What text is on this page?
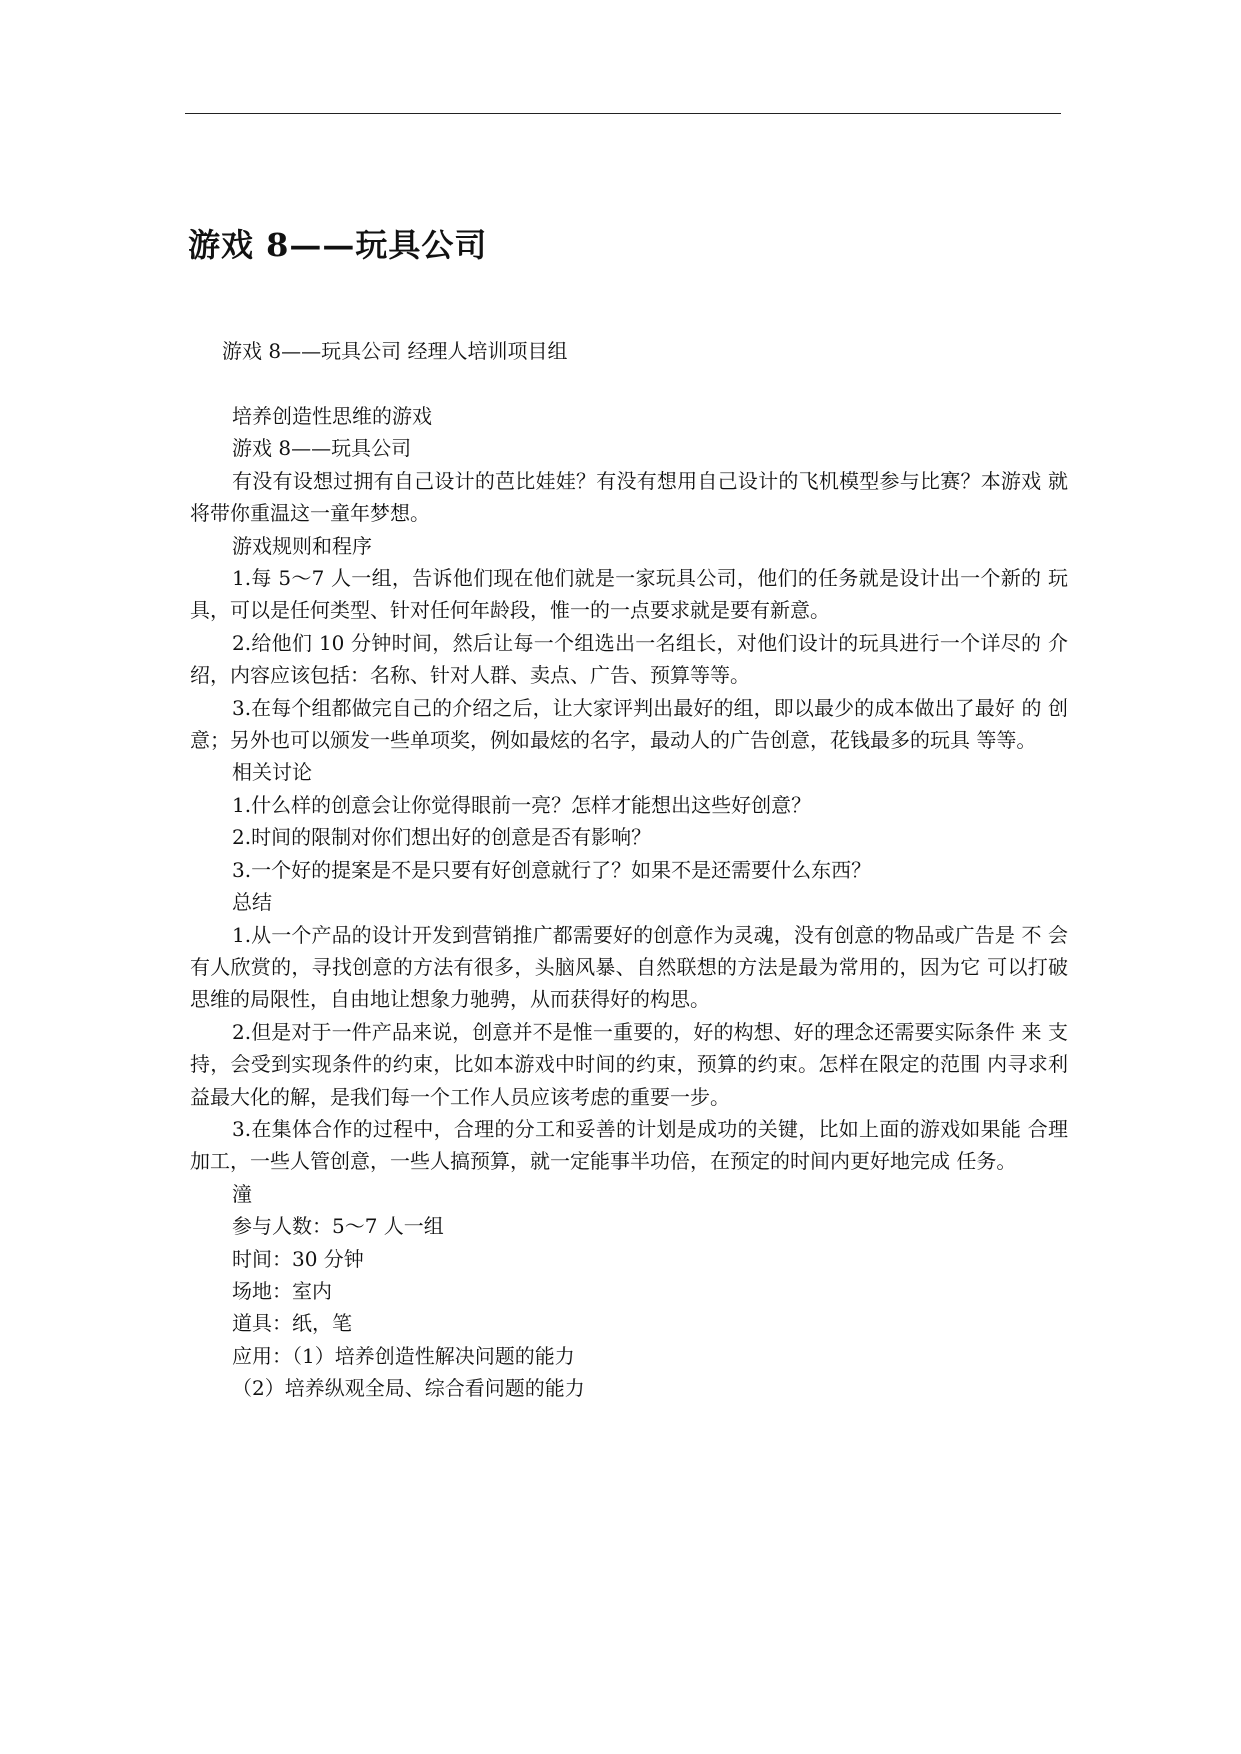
游戏 8——玩具公司
游戏 8——玩具公司 经理人培训项目组

培养创造性思维的游戏

游戏 8——玩具公司

有没有设想过拥有自己设计的芭比娃娃？有没有想用自己设计的飞机模型参与比赛？本游戏 就将带你重温这一童年梦想。

游戏规则和程序

1.每 5～7 人一组，告诉他们现在他们就是一家玩具公司，他们的任务就是设计出一个新的 玩具，可以是任何类型、针对任何年龄段，惟一的一点要求就是要有新意。

2.给他们 10 分钟时间，然后让每一个组选出一名组长，对他们设计的玩具进行一个详尽的 介绍，内容应该包括：名称、针对人群、卖点、广告、预算等等。

3.在每个组都做完自己的介绍之后，让大家评判出最好的组，即以最少的成本做出了最好 的 创意；另外也可以颁发一些单项奖，例如最炫的名字，最动人的广告创意，花钱最多的玩具 等等。

相关讨论

1.什么样的创意会让你觉得眼前一亮？怎样才能想出这些好创意？

2.时间的限制对你们想出好的创意是否有影响？

3.一个好的提案是不是只要有好创意就行了？如果不是还需要什么东西？

总结

1.从一个产品的设计开发到营销推广都需要好的创意作为灵魂，没有创意的物品或广告是 不 会有人欣赏的，寻找创意的方法有很多，头脑风暴、自然联想的方法是最为常用的，因为它 可以打破思维的局限性，自由地让想象力驰骋，从而获得好的构思。

2.但是对于一件产品来说，创意并不是惟一重要的，好的构想、好的理念还需要实际条件 来 支持，会受到实现条件的约束，比如本游戏中时间的约束，预算的约束。怎样在限定的范围 内寻求利益最大化的解，是我们每一个工作人员应该考虑的重要一步。

3.在集体合作的过程中，合理的分工和妥善的计划是成功的关键，比如上面的游戏如果能 合理加工，一些人管创意，一些人搞预算，就一定能事半功倍，在预定的时间内更好地完成 任务。

潼

参与人数：5～7 人一组

时间：30 分钟

场地：室内

道具：纸，笔

应用：（1）培养创造性解决问题的能力

（2）培养纵观全局、综合看问题的能力
